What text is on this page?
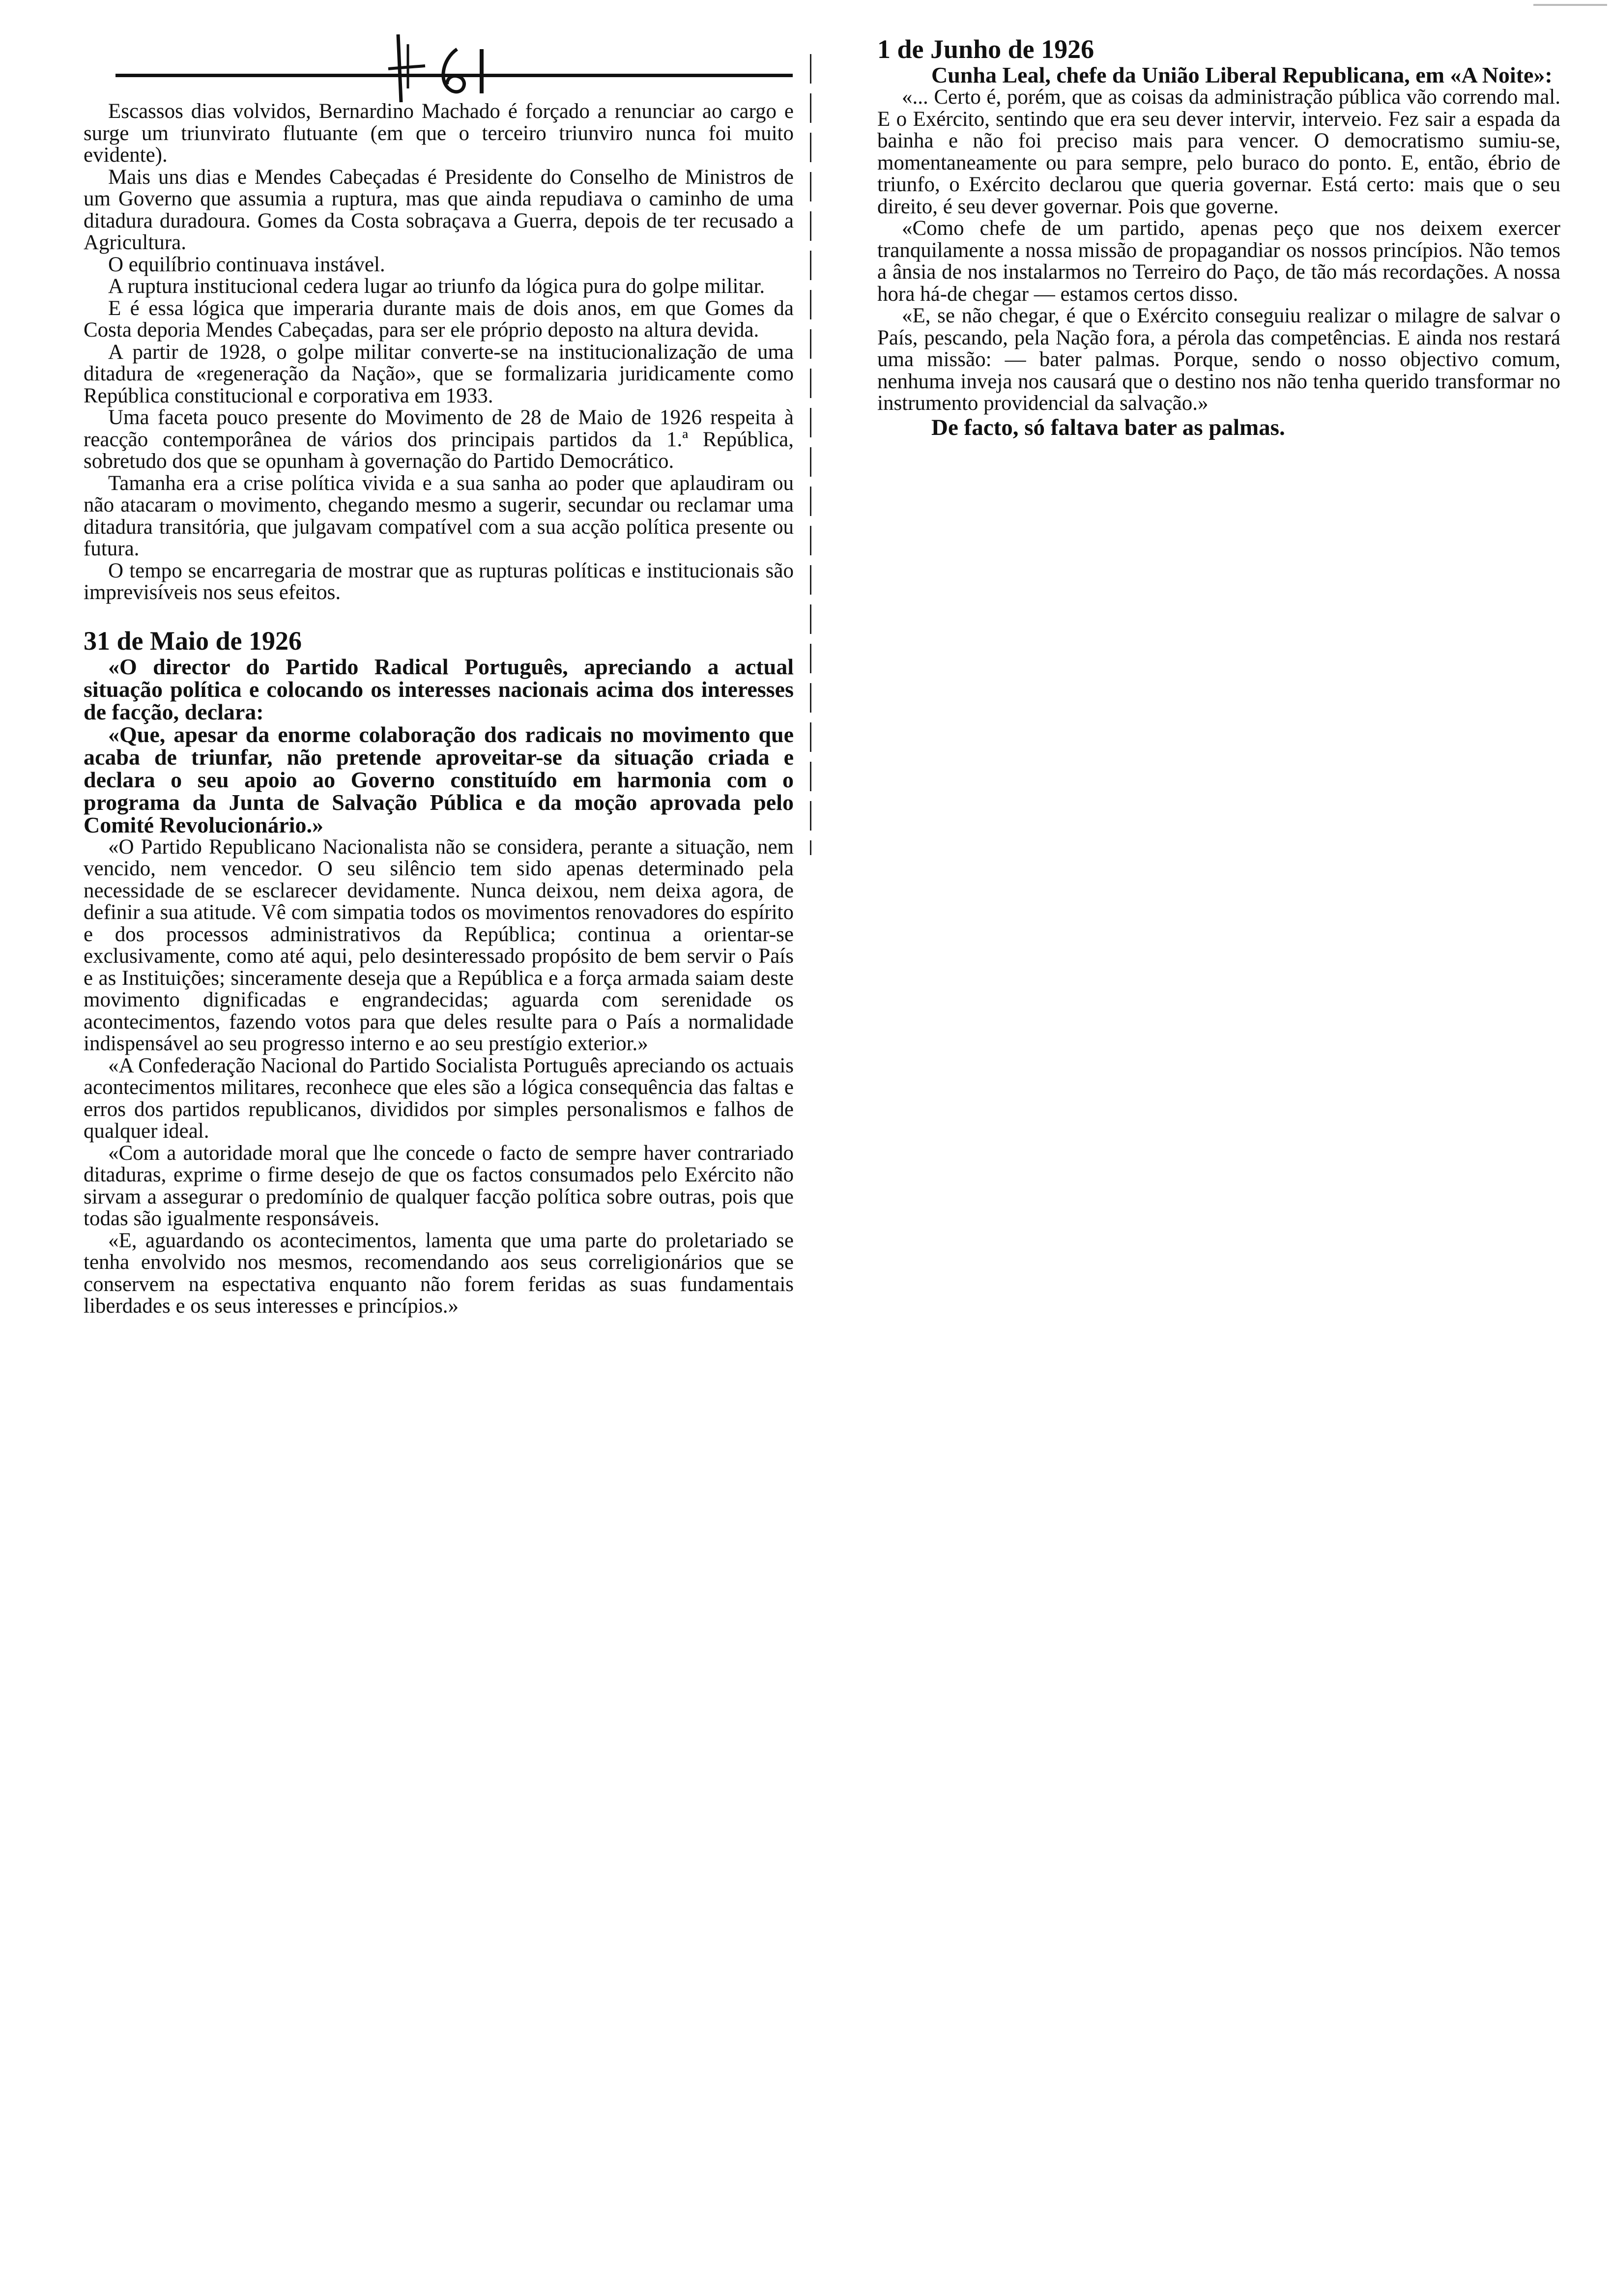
Escassos dias volvidos, Bernardino Machado é forçado a renunciar ao cargo e surge um triunvirato flutuante (em que o terceiro triunviro nunca foi muito evidente).

Mais uns dias e Mendes Cabeçadas é Presidente do Conselho de Ministros de um Governo que assumia a ruptura, mas que ainda repudiava o caminho de uma ditadura duradoura. Gomes da Costa sobraçava a Guerra, depois de ter recusado a Agricultura.

O equilíbrio continuava instável.

A ruptura institucional cedera lugar ao triunfo da lógica pura do golpe militar.

E é essa lógica que imperaria durante mais de dois anos, em que Gomes da Costa deporia Mendes Cabeçadas, para ser ele próprio deposto na altura devida.

A partir de 1928, o golpe militar converte-se na institucionalização de uma ditadura de «regeneração da Nação», que se formalizaria juridicamente como República constitucional e corporativa em 1933.

Uma faceta pouco presente do Movimento de 28 de Maio de 1926 respeita à reacção contemporânea de vários dos principais partidos da 1.ª República, sobretudo dos que se opunham à governação do Partido Democrático.

Tamanha era a crise política vivida e a sua sanha ao poder que aplaudiram ou não atacaram o movimento, chegando mesmo a sugerir, secundar ou reclamar uma ditadura transitória, que julgavam compatível com a sua acção política presente ou futura.

O tempo se encarregaria de mostrar que as rupturas políticas e institucionais são imprevisíveis nos seus efeitos.

31 de Maio de 1926

«O director do Partido Radical Português, apreciando a actual situação política e colocando os interesses nacionais acima dos interesses de facção, declara:

«Que, apesar da enorme colaboração dos radicais no movimento que acaba de triunfar, não pretende aproveitar-se da situação criada e declara o seu apoio ao Governo constituído em harmonia com o programa da Junta de Salvação Pública e da moção aprovada pelo Comité Revolucionário.»

«O Partido Republicano Nacionalista não se considera, perante a situação, nem vencido, nem vencedor. O seu silêncio tem sido apenas determinado pela necessidade de se esclarecer devidamente. Nunca deixou, nem deixa agora, de definir a sua atitude. Vê com simpatia todos os movimentos renovadores do espírito e dos processos administrativos da República; continua a orientar-se exclusivamente, como até aqui, pelo desinteressado propósito de bem servir o País e as Instituições; sinceramente deseja que a República e a força armada saiam deste movimento dignificadas e engrandecidas; aguarda com serenidade os acontecimentos, fazendo votos para que deles resulte para o País a normalidade indispensável ao seu progresso interno e ao seu prestígio exterior.»

«A Confederação Nacional do Partido Socialista Português apreciando os actuais acontecimentos militares, reconhece que eles são a lógica consequência das faltas e erros dos partidos republicanos, divididos por simples personalismos e falhos de qualquer ideal.

«Com a autoridade moral que lhe concede o facto de sempre haver contrariado ditaduras, exprime o firme desejo de que os factos consumados pelo Exército não sirvam a assegurar o predomínio de qualquer facção política sobre outras, pois que todas são igualmente responsáveis.

«E, aguardando os acontecimentos, lamenta que uma parte do proletariado se tenha envolvido nos mesmos, recomendando aos seus correligionários que se conservem na espectativa enquanto não forem feridas as suas fundamentais liberdades e os seus interesses e princípios.»

1 de Junho de 1926

Cunha Leal, chefe da União Liberal Republicana, em «A Noite»:

«... Certo é, porém, que as coisas da administração pública vão correndo mal. E o Exército, sentindo que era seu dever intervir, interveio. Fez sair a espada da bainha e não foi preciso mais para vencer. O democratismo sumiu-se, momentaneamente ou para sempre, pelo buraco do ponto. E, então, ébrio de triunfo, o Exército declarou que queria governar. Está certo: mais que o seu direito, é seu dever governar. Pois que governe.

«Como chefe de um partido, apenas peço que nos deixem exercer tranquilamente a nossa missão de propagandiar os nossos princípios. Não temos a ânsia de nos instalarmos no Terreiro do Paço, de tão más recordações. A nossa hora há-de chegar — estamos certos disso.

«E, se não chegar, é que o Exército conseguiu realizar o milagre de salvar o País, pescando, pela Nação fora, a pérola das competências. E ainda nos restará uma missão: — bater palmas. Porque, sendo o nosso objectivo comum, nenhuma inveja nos causará que o destino nos não tenha querido transformar no instrumento providencial da salvação.»

De facto, só faltava bater as palmas.
